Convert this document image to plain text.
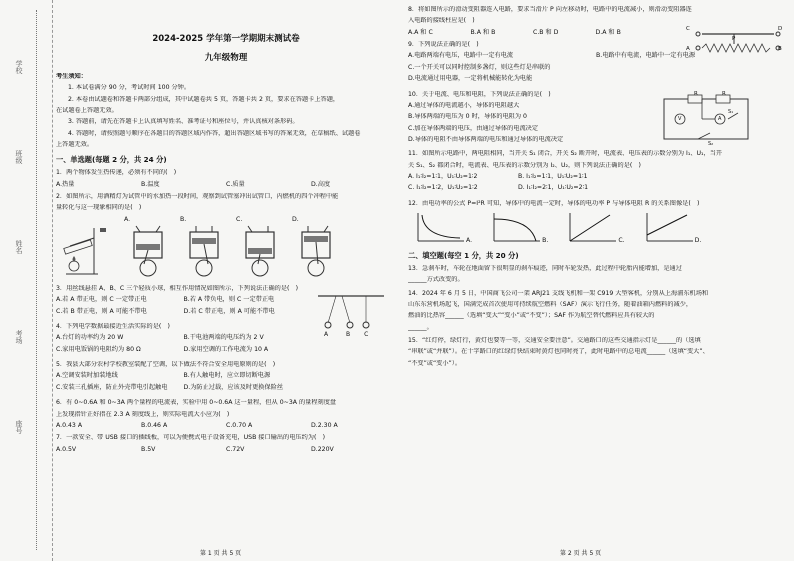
学校
班级
姓名
考场
座号
2024-2025 学年第一学期期末测试卷
九年级物理
考生须知：
1. 本试卷满分 90 分，考试时间 100 分钟。
2. 本卷由试题卷和答题卡两部分组成，其中试题卷共 5 页，答题卡共 2 页，要求在答题卡上答题，
在试题卷上答题无效。
3. 答题前，请先在答题卡上认真填写姓名、准考证号和座位号，并认真核对条形码。
4. 答题时，请按照题号顺序在各题目的答题区域内作答，超出答题区域书写的答案无效，在草稿纸、试题卷
上答题无效。
一、单选题(每题 2 分，共 24 分)
1．两个物体发生热传递，必须有不同的(　)
A.热量	B.温度	C.质量	D.高度
2．如图所示，用酒精灯为试管中的水加热一段时间，观察到试管塞冲出试管口，内燃机的四个冲程中能
量转化与这一现象相同的是(　)
A.	B.	C.	D.
3．用丝线悬挂 A、B、C 三个轻质小球，相互作用情况如图所示，下列说法正确的是(　)
A.若 A 带正电，则 C 一定带正电	B.若 A 带负电，则 C 一定带正电
C.若 B 带正电，则 A 可能不带电	D.若 C 带正电，则 A 可能不带电
A	B C
4．下列电学数据最接近生活实际的是(　)
A.台灯的功率约为 20 W	B.干电池两端的电压约为 2 V
C.家用电饭锅的电阻约为 80 Ω	D.家用空调的工作电流为 10 A
5．我县大部分农村学校教室装配了空调，以下做法不符合安全用电原则的是(　)
A.空调安装时加装地线	B.有人触电时，应立即切断电源
C.安装三孔插座，防止外壳带电引起触电	D.为防止过载，应该及时更换保险丝
6．有 0~0.6A 和 0~3A 两个量程的电流表，实验中用 0~0.6A 这一量程，但从 0~3A 的量程刻度盘
上发现指针正好指在 2.3 A 刻度线上，则实际电流大小应为(　)
A.0.43 A	B.0.46 A	C.0.70 A	D.2.30 A
7．一款安全、带 USB 接口的插线板，可以为便携式电子设备充电，USB 接口输出的电压约为(　)
A.0.5V	B.5V	C.72V	D.220V
第 1 页 共 5 页
8．将如图所示的滑动变阻器连入电路，要求当滑片 P 向左移动时，电路中的电流减小，则滑动变阻器连
入电路的接线柱应是(　)
A.A 和 C	B.A 和 B	C.B 和 D	D.A 和 B	C
P
D
A	B
9．下列说法正确的是(　)
A.电路两端有电压，电路中一定有电流	B.电路中有电流，电路中一定有电源
C.一个开关可以同时控制多盏灯，则这些灯是串联的
D.电流通过用电器，一定将机械能转化为电能
10．关于电流、电压和电阻，下列说法正确的是(　)
A.通过导体的电流越小，导体的电阻越大
B.导体两端的电压为 0 时，导体的电阻为 0
C.加在导体两端的电压，由通过导体的电流决定
D.导体的电阻不由导体两端的电压和通过导体的电流决定
R	R
V	A
S₁
S₂
11．如图所示电路中，两电阻相同，当开关 S₁ 闭合，开关 S₂ 断开时，电流表、电压表的示数分别为 I₁、U₁，当开
关 S₁、S₂ 都闭合时，电流表、电压表的示数分别为 I₂、U₂，则下列说法正确的是(　)
A. I₁∶I₂=1∶1，U₁∶U₂=1∶2	B. I₁∶I₂=1∶1，U₁∶U₂=1∶1
C. I₁∶I₂=1∶2，U₁∶U₂=1∶2	D. I₁∶I₂=2∶1，U₁∶U₂=2∶1
12．由电功率的公式 P=I²R 可知，导体中的电流一定时，导体的电功率 P 与导体电阻 R 的关系图像是(　)
A.	B.	C.	D.
二、填空题(每空 1 分，共 20 分)
13．急刹车时，车轮在地面留下很明显的刹车痕迹，同时车轮发热，此过程中轮胎内能增加，是通过
______方式改变的。
14．2024 年 6 月 5 日，中国商飞公司一架 ARJ21 支线飞机和一架 C919 大型客机，分别从上海浦东机场和
山东东营机场起飞，国满完成首次使用可持续航空燃料（SAF）演示飞行任务，随着油箱内燃料的减少，
燃油的比热容______（选填“变大”“变小”或“不变”）；SAF 作为航空替代燃料应具有较大的
______。
15．“红灯停，绿灯行，黄灯也要等一等，交通安全要注意”。交通路口的这些交通指示灯是______的（选填
“串联”或“并联”）。在十字路口的红绿灯快结束时黄灯也同时亮了，此时电路中的总电流______（选填“变大”、
“不变”或“变小”）。
第 2 页 共 5 页
